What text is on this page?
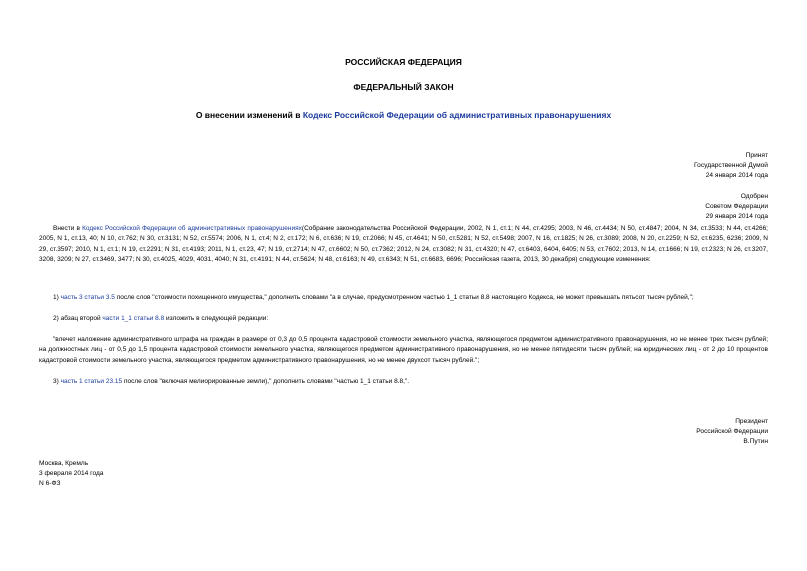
РОССИЙСКАЯ ФЕДЕРАЦИЯ
ФЕДЕРАЛЬНЫЙ ЗАКОН
О внесении изменений в Кодекс Российской Федерации об административных правонарушениях
Принят
Государственной Думой
24 января 2014 года
Одобрен
Советом Федерации
29 января 2014 года
Внести в Кодекс Российской Федерации об административных правонарушениях(Собрание законодательства Российской Федерации, 2002, N 1, ст.1; N 44, ст.4295; 2003, N 46, ст.4434; N 50, ст.4847; 2004, N 34, ст.3533; N 44, ст.4266; 2005, N 1, ст.13, 40; N 10, ст.762; N 30, ст.3131; N 52, ст.5574; 2006, N 1, ст.4; N 2, ст.172; N 6, ст.636; N 19, ст.2066; N 45, ст.4641; N 50, ст.5281; N 52, ст.5498; 2007, N 16, ст.1825; N 26, ст.3089; 2008, N 20, ст.2259; N 52, ст.6235, 6236; 2009, N 29, ст.3597; 2010, N 1, ст.1; N 19, ст.2291; N 31, ст.4193; 2011, N 1, ст.23, 47; N 19, ст.2714; N 47, ст.6602; N 50, ст.7362; 2012, N 24, ст.3082; N 31, ст.4320; N 47, ст.6403, 6404, 6405; N 53, ст.7602; 2013, N 14, ст.1666; N 19, ст.2323; N 26, ст.3207, 3208, 3209; N 27, ст.3469, 3477; N 30, ст.4025, 4029, 4031, 4040; N 31, ст.4191; N 44, ст.5624; N 48, ст.6163; N 49, ст.6343; N 51, ст.6683, 6696; Российская газета, 2013, 30 декабря) следующие изменения:
1) часть 3 статьи 3.5 после слов "стоимости похищенного имущества," дополнить словами "а в случае, предусмотренном частью 1_1 статьи 8.8 настоящего Кодекса, не может превышать пятьсот тысяч рублей,";
2) абзац второй части 1_1 статьи 8.8 изложить в следующей редакции:
"влечет наложение административного штрафа на граждан в размере от 0,3 до 0,5 процента кадастровой стоимости земельного участка, являющегося предметом административного правонарушения, но не менее трех тысяч рублей; на должностных лиц - от 0,5 до 1,5 процента кадастровой стоимости земельного участка, являющегося предметом административного правонарушения, но не менее пятидесяти тысяч рублей; на юридических лиц - от 2 до 10 процентов кадастровой стоимости земельного участка, являющегося предметом административного правонарушения, но не менее двухсот тысяч рублей.";
3) часть 1 статьи 23.15 после слов "включая мелиорированные земли)," дополнить словами "частью 1_1 статьи 8.8,".
Президент
Российской Федерации
В.Путин
Москва, Кремль
3 февраля 2014 года
N 6-ФЗ
